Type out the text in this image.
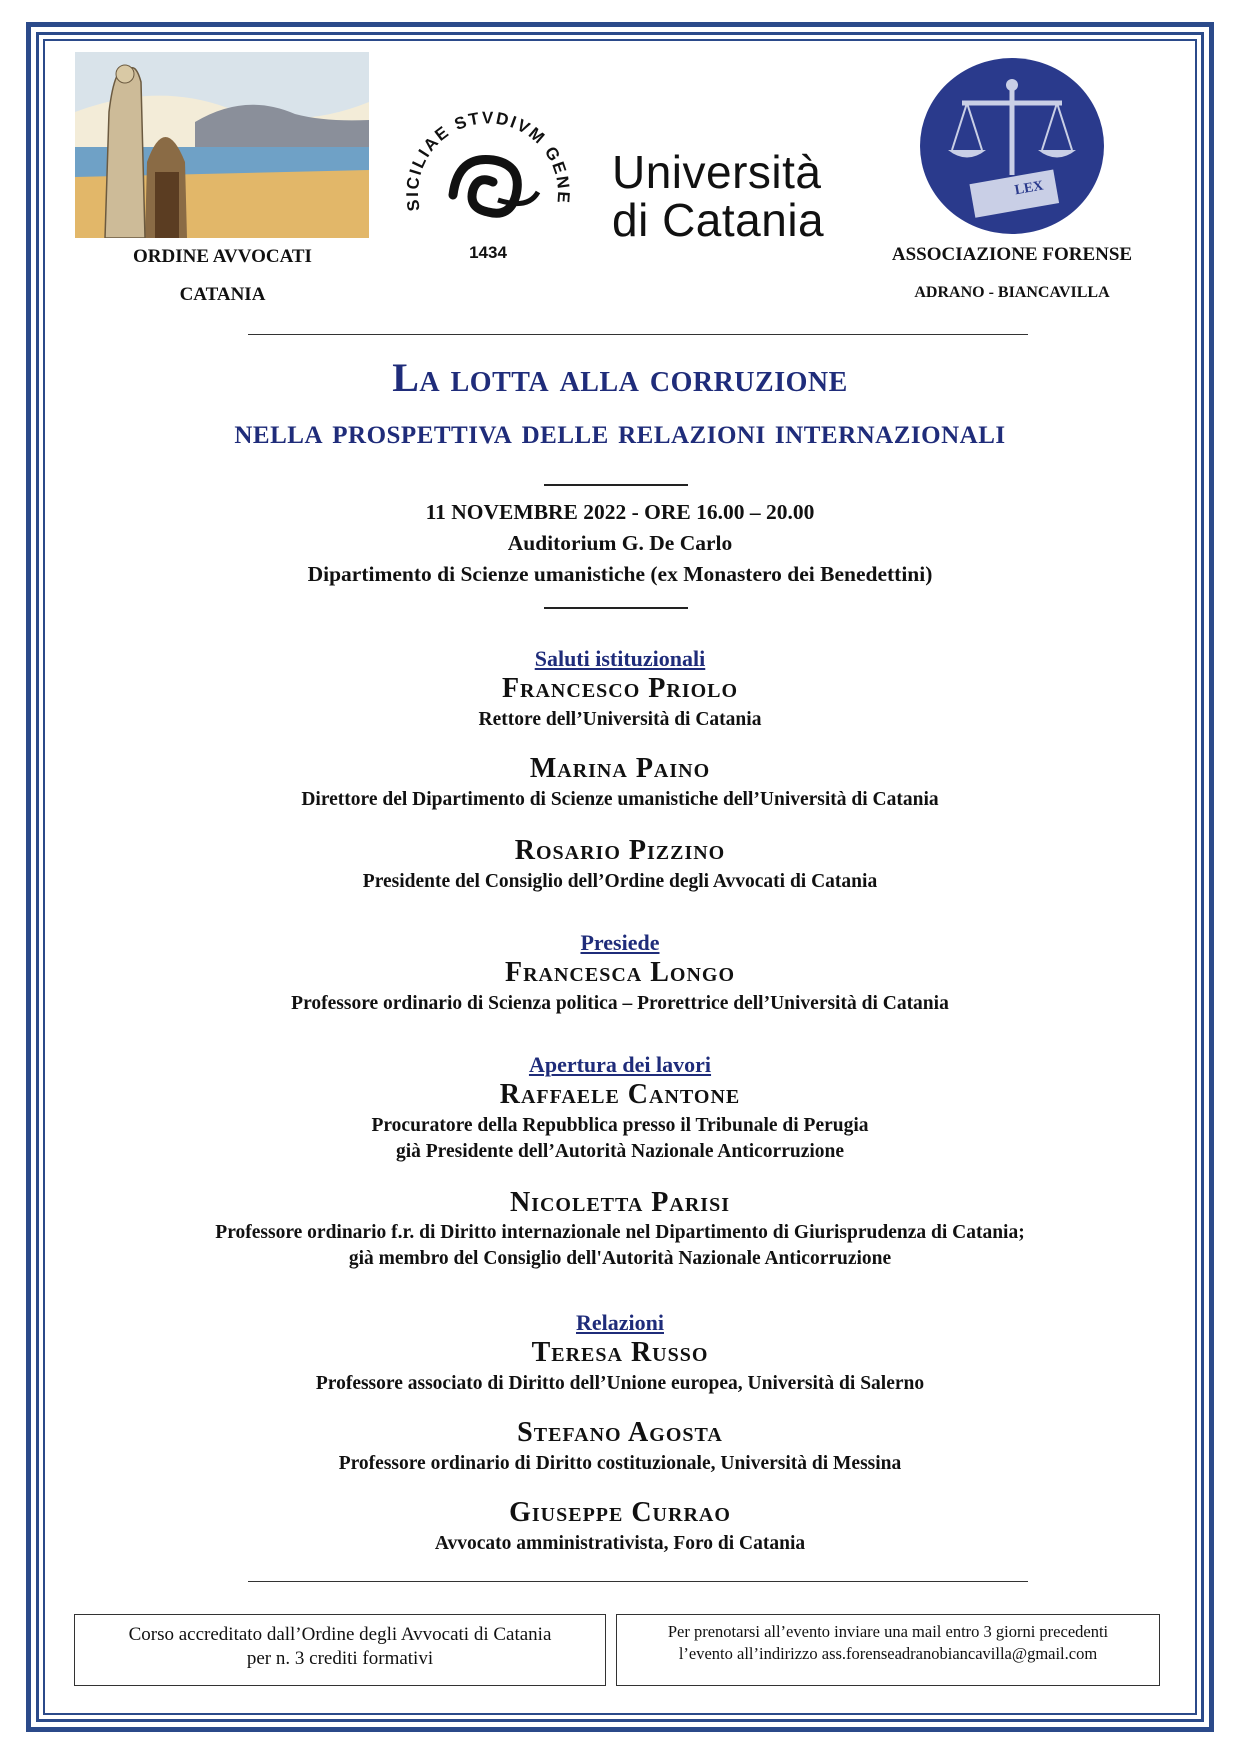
ORDINE AVVOCATI
CATANIA
SICILIAE STVDIVM GENE
1434
Università
di Catania
LEX
ASSOCIAZIONE FORENSE
ADRANO - BIANCAVILLA
La lotta alla corruzione
nella prospettiva delle relazioni internazionali
11 NOVEMBRE 2022 - ORE 16.00 – 20.00
Auditorium G. De Carlo
Dipartimento di Scienze umanistiche (ex Monastero dei Benedettini)
Saluti istituzionali
Francesco Priolo
Rettore dell’Università di Catania
Marina Paino
Direttore del Dipartimento di Scienze umanistiche dell’Università di Catania
Rosario Pizzino
Presidente del Consiglio dell’Ordine degli Avvocati di Catania
Presiede
Francesca Longo
Professore ordinario di Scienza politica – Prorettrice dell’Università di Catania
Apertura dei lavori
Raffaele Cantone
Procuratore della Repubblica presso il Tribunale di Perugia
già Presidente dell’Autorità Nazionale Anticorruzione
Nicoletta Parisi
Professore ordinario f.r. di Diritto internazionale nel Dipartimento di Giurisprudenza di Catania;
già membro del Consiglio dell'Autorità Nazionale Anticorruzione
Relazioni
Teresa Russo
Professore associato di Diritto dell’Unione europea, Università di Salerno
Stefano Agosta
Professore ordinario di Diritto costituzionale, Università di Messina
Giuseppe Currao
Avvocato amministrativista, Foro di Catania
Corso accreditato dall’Ordine degli Avvocati di Catania
per n. 3 crediti formativi
Per prenotarsi all’evento inviare una mail entro 3 giorni precedenti
l’evento all’indirizzo ass.forenseadranobiancavilla@gmail.com
